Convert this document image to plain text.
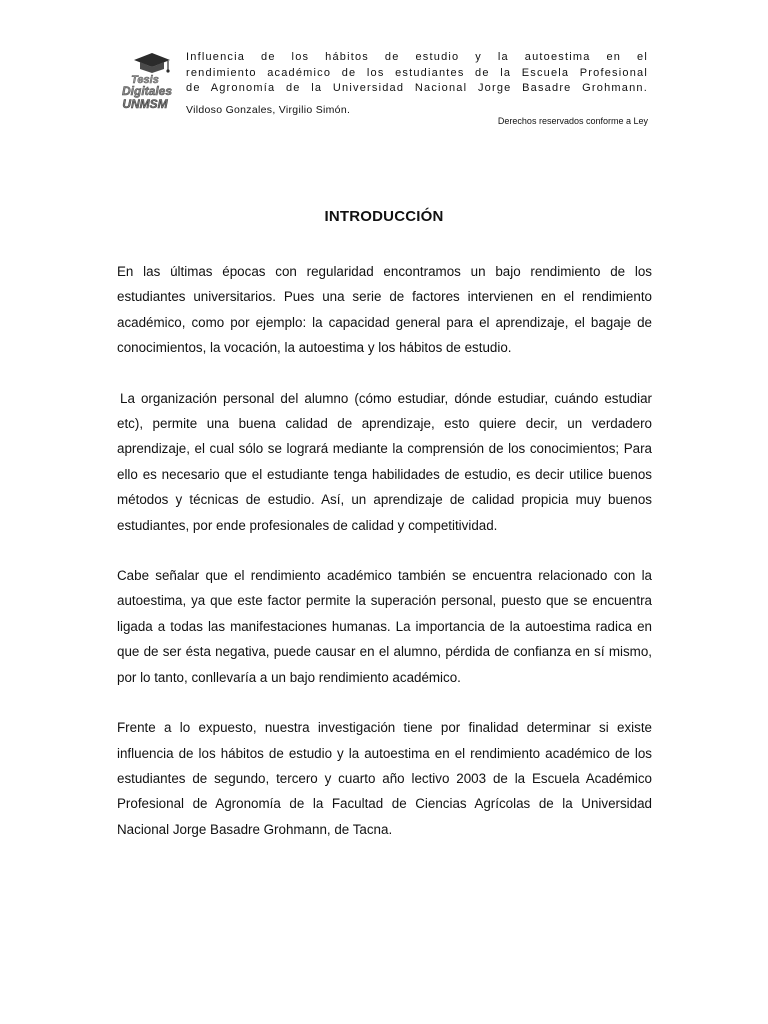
Tesis
Digitales
UNMSM

Influencia de los hábitos de estudio y la autoestima en el
rendimiento académico de los estudiantes de la Escuela Profesional
de Agronomía de la Universidad Nacional Jorge Basadre Grohmann.

Vildoso Gonzales, Virgilio Simón.

Derechos reservados conforme a Ley

INTRODUCCIÓN

En las últimas épocas con regularidad encontramos un bajo rendimiento de los estudiantes universitarios. Pues una serie de factores intervienen en el rendimiento académico, como por ejemplo: la capacidad general para el aprendizaje, el bagaje de conocimientos, la vocación, la autoestima y los hábitos de estudio.

La organización personal del alumno (cómo estudiar, dónde estudiar, cuándo estudiar etc), permite una buena calidad de aprendizaje, esto quiere decir, un verdadero aprendizaje, el cual sólo se logrará mediante la comprensión de los conocimientos; Para ello es necesario que el estudiante tenga habilidades de estudio, es decir utilice buenos métodos y técnicas de estudio. Así, un aprendizaje de calidad propicia muy buenos estudiantes, por ende profesionales de calidad y competitividad.

Cabe señalar que el rendimiento académico también se encuentra relacionado con la autoestima, ya que este factor permite la superación personal, puesto que se encuentra ligada a todas las manifestaciones humanas. La importancia de la autoestima radica en que de ser ésta negativa, puede causar en el alumno, pérdida de confianza en sí mismo, por lo tanto, conllevaría a un bajo rendimiento académico.

Frente a lo expuesto, nuestra investigación tiene por finalidad determinar si existe influencia de los hábitos de estudio y la autoestima en el rendimiento académico de los estudiantes de segundo, tercero y cuarto año lectivo 2003 de la Escuela Académico Profesional de Agronomía de la Facultad de Ciencias Agrícolas de la Universidad Nacional Jorge Basadre Grohmann, de Tacna.
